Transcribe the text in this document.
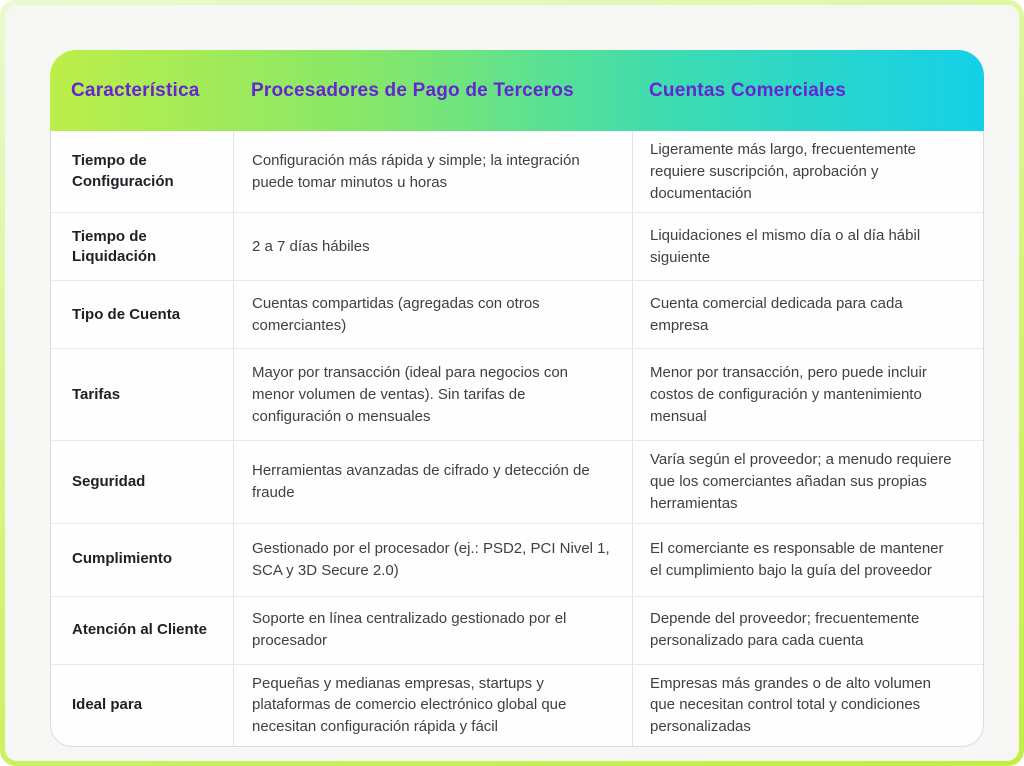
Característica	Procesadores de Pago de Terceros	Cuentas Comerciales
Tiempo de Configuración
Configuración más rápida y simple; la integración puede tomar minutos u horas
Ligeramente más largo, frecuentemente requiere suscripción, aprobación y documentación
Tiempo de Liquidación
2 a 7 días hábiles
Liquidaciones el mismo día o al día hábil siguiente
Tipo de Cuenta
Cuentas compartidas (agregadas con otros comerciantes)
Cuenta comercial dedicada para cada empresa
Tarifas
Mayor por transacción (ideal para negocios con menor volumen de ventas). Sin tarifas de configuración o mensuales
Menor por transacción, pero puede incluir costos de configuración y mantenimiento mensual
Seguridad
Herramientas avanzadas de cifrado y detección de fraude
Varía según el proveedor; a menudo requiere que los comerciantes añadan sus propias herramientas
Cumplimiento
Gestionado por el procesador (ej.: PSD2, PCI Nivel 1, SCA y 3D Secure 2.0)
El comerciante es responsable de mantener el cumplimiento bajo la guía del proveedor
Atención al Cliente
Soporte en línea centralizado gestionado por el procesador
Depende del proveedor; frecuentemente personalizado para cada cuenta
Ideal para
Pequeñas y medianas empresas, startups y plataformas de comercio electrónico global que necesitan configuración rápida y fácil
Empresas más grandes o de alto volumen que necesitan control total y condiciones personalizadas
